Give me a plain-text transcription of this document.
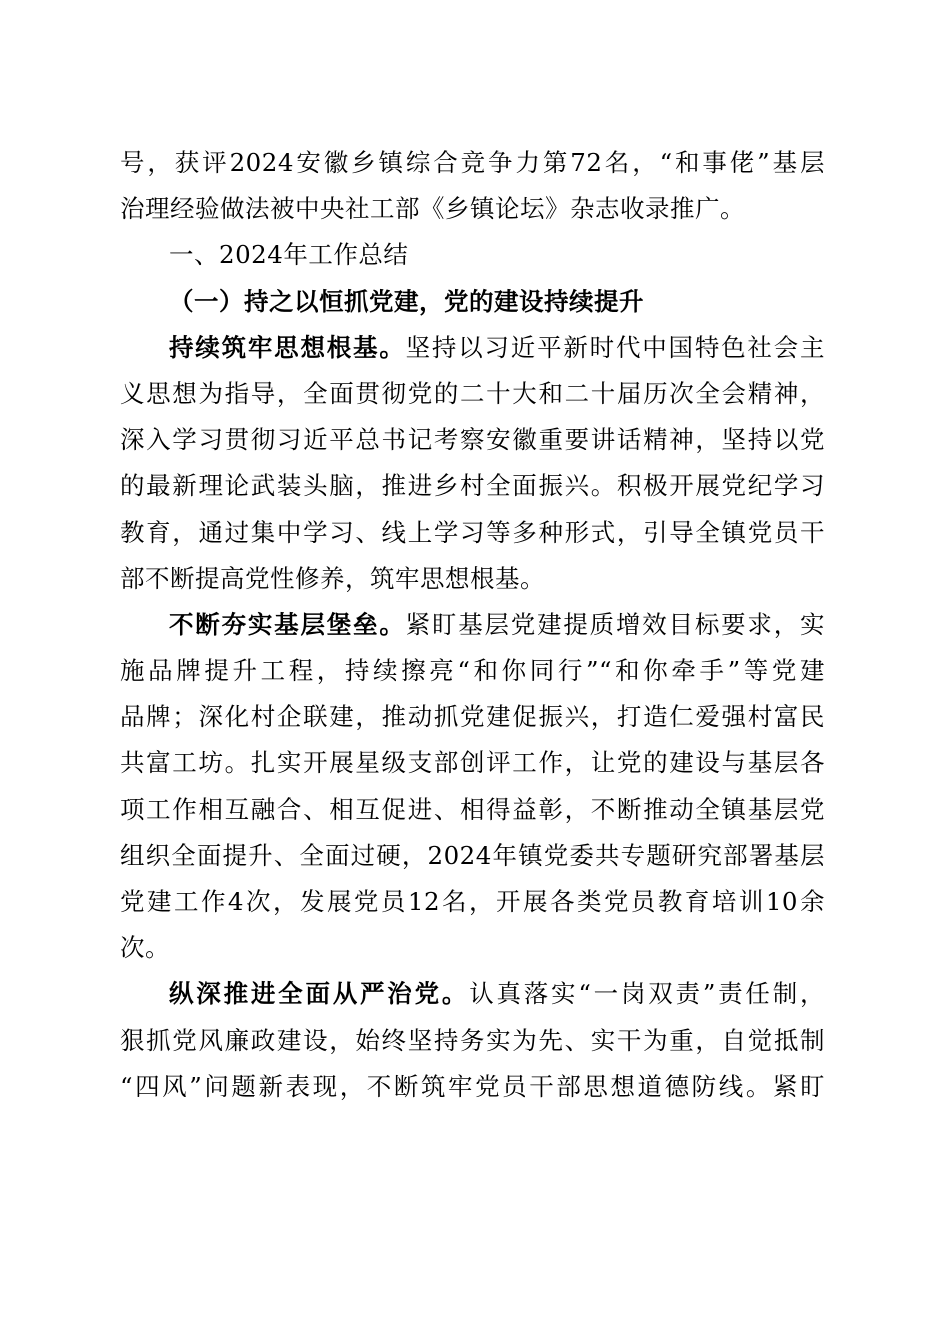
号，获评2024安徽乡镇综合竞争力第72名，“和事佬”基层
治理经验做法被中央社工部《乡镇论坛》杂志收录推广。
一、2024年工作总结
（一）持之以恒抓党建，党的建设持续提升
持续筑牢思想根基。坚持以习近平新时代中国特色社会主
义思想为指导，全面贯彻党的二十大和二十届历次全会精神，
深入学习贯彻习近平总书记考察安徽重要讲话精神，坚持以党
的最新理论武装头脑，推进乡村全面振兴。积极开展党纪学习
教育，通过集中学习、线上学习等多种形式，引导全镇党员干
部不断提高党性修养，筑牢思想根基。
不断夯实基层堡垒。紧盯基层党建提质增效目标要求，实
施品牌提升工程，持续擦亮“和你同行”“和你牵手”等党建
品牌；深化村企联建，推动抓党建促振兴，打造仁爱强村富民
共富工坊。扎实开展星级支部创评工作，让党的建设与基层各
项工作相互融合、相互促进、相得益彰，不断推动全镇基层党
组织全面提升、全面过硬，2024年镇党委共专题研究部署基层
党建工作4次，发展党员12名，开展各类党员教育培训10余
次。
纵深推进全面从严治党。认真落实“一岗双责”责任制，
狠抓党风廉政建设，始终坚持务实为先、实干为重，自觉抵制
“四风”问题新表现，不断筑牢党员干部思想道德防线。紧盯
